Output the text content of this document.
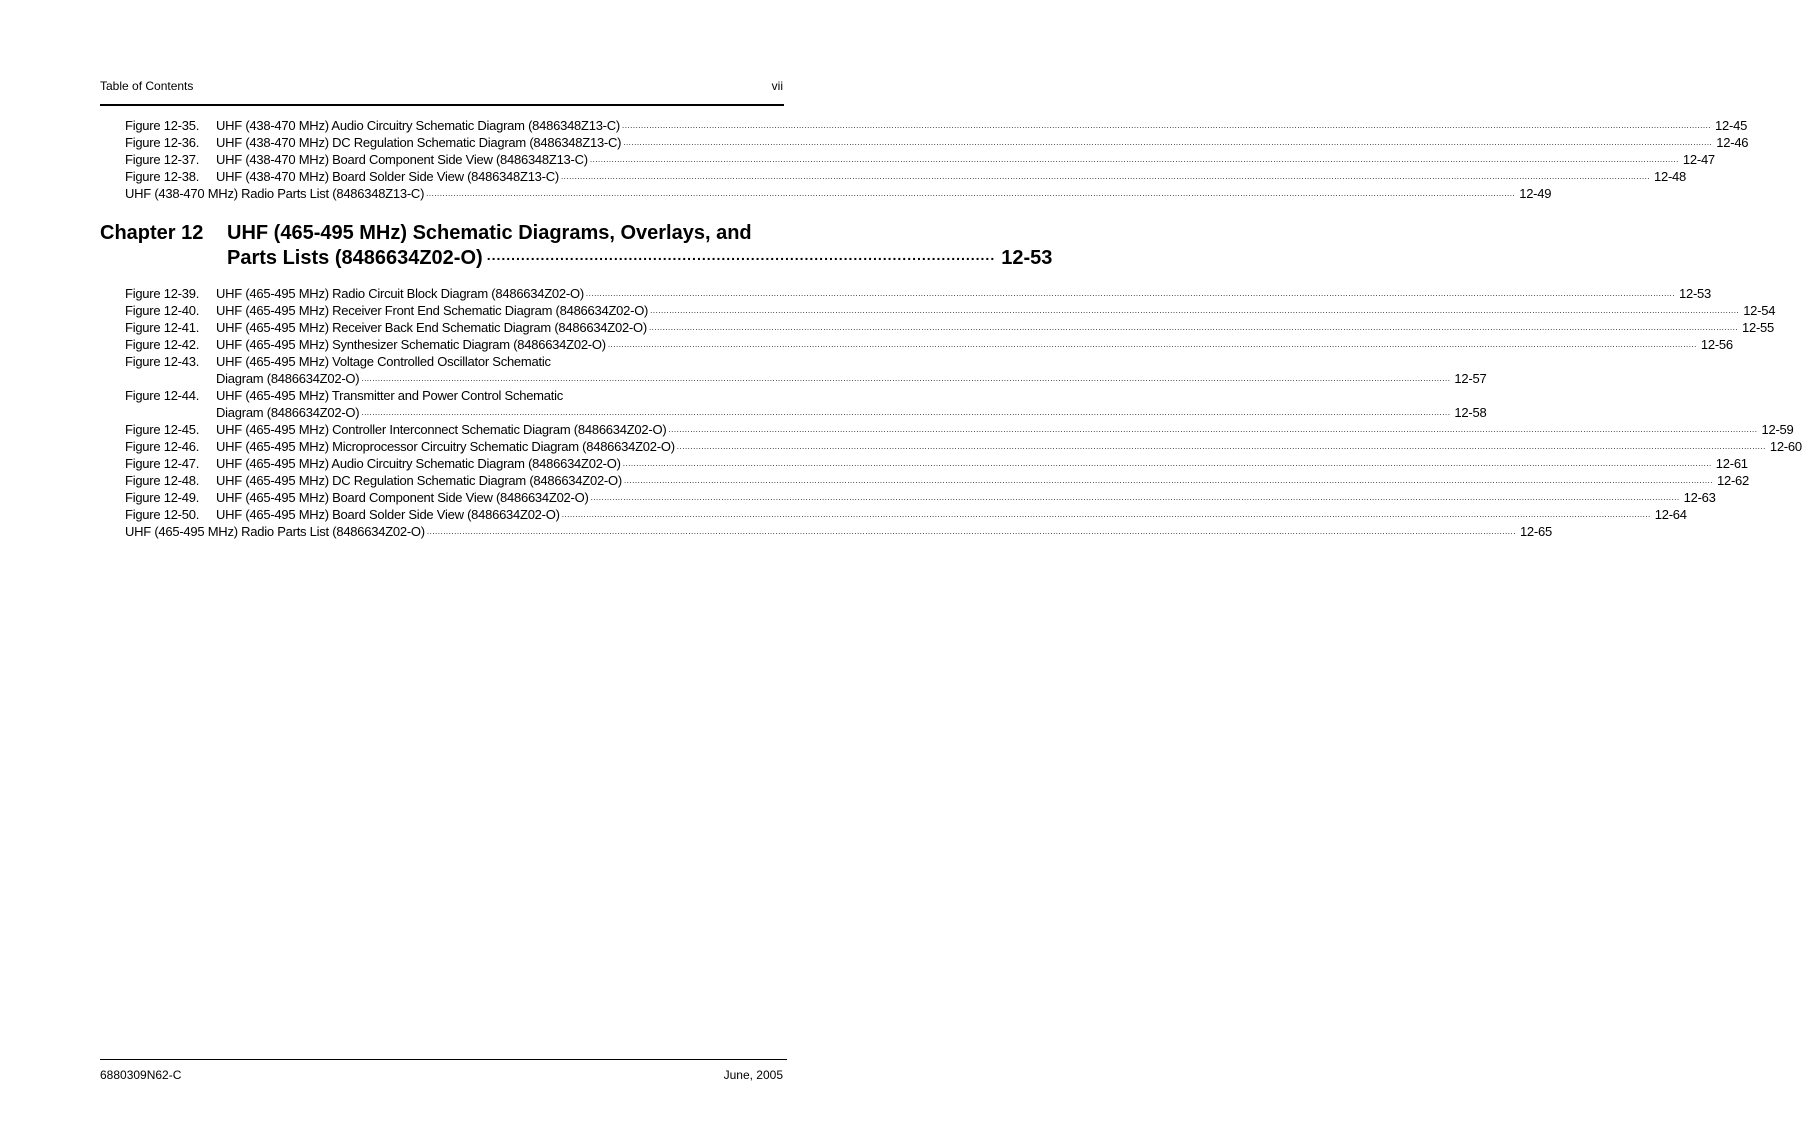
Table of Contents	vii
Figure 12-35. UHF (438-470 MHz) Audio Circuitry Schematic Diagram (8486348Z13-C) ................................................................................................................................................................................................................................................................................................................................................................................................................ 12-45
Figure 12-36. UHF (438-470 MHz) DC Regulation Schematic Diagram (8486348Z13-C) ................................................................................................................................................................................................................................................................................................................................................................................................................ 12-46
Figure 12-37. UHF (438-470 MHz) Board Component Side View (8486348Z13-C) ................................................................................................................................................................................................................................................................................................................................................................................................................ 12-47
Figure 12-38. UHF (438-470 MHz) Board Solder Side View (8486348Z13-C) ................................................................................................................................................................................................................................................................................................................................................................................................................ 12-48
UHF (438-470 MHz) Radio Parts List (8486348Z13-C) ................................................................................................................................................................................................................................................................................................................................................................................................................ 12-49
Chapter 12 UHF (465-495 MHz) Schematic Diagrams, Overlays, and
Parts Lists (8486634Z02-O) ........................................................................................................ 12-53
Figure 12-39. UHF (465-495 MHz) Radio Circuit Block Diagram (8486634Z02-O) ................................................................................................................................................................................................................................................................................................................................................................................................................ 12-53
Figure 12-40. UHF (465-495 MHz) Receiver Front End Schematic Diagram (8486634Z02-O) ................................................................................................................................................................................................................................................................................................................................................................................................................ 12-54
Figure 12-41. UHF (465-495 MHz) Receiver Back End Schematic Diagram (8486634Z02-O) ................................................................................................................................................................................................................................................................................................................................................................................................................ 12-55
Figure 12-42. UHF (465-495 MHz) Synthesizer Schematic Diagram (8486634Z02-O) ................................................................................................................................................................................................................................................................................................................................................................................................................ 12-56
Figure 12-43. UHF (465-495 MHz) Voltage Controlled Oscillator Schematic
Diagram (8486634Z02-O) ................................................................................................................................................................................................................................................................................................................................................................................................................ 12-57
Figure 12-44. UHF (465-495 MHz) Transmitter and Power Control Schematic
Diagram (8486634Z02-O) ................................................................................................................................................................................................................................................................................................................................................................................................................ 12-58
Figure 12-45. UHF (465-495 MHz) Controller Interconnect Schematic Diagram (8486634Z02-O) ................................................................................................................................................................................................................................................................................................................................................................................................................ 12-59
Figure 12-46. UHF (465-495 MHz) Microprocessor Circuitry Schematic Diagram (8486634Z02-O) ................................................................................................................................................................................................................................................................................................................................................................................................................ 12-60
Figure 12-47. UHF (465-495 MHz) Audio Circuitry Schematic Diagram (8486634Z02-O) ................................................................................................................................................................................................................................................................................................................................................................................................................ 12-61
Figure 12-48. UHF (465-495 MHz) DC Regulation Schematic Diagram (8486634Z02-O) ................................................................................................................................................................................................................................................................................................................................................................................................................ 12-62
Figure 12-49. UHF (465-495 MHz) Board Component Side View (8486634Z02-O) ................................................................................................................................................................................................................................................................................................................................................................................................................ 12-63
Figure 12-50. UHF (465-495 MHz) Board Solder Side View (8486634Z02-O) ................................................................................................................................................................................................................................................................................................................................................................................................................ 12-64
UHF (465-495 MHz) Radio Parts List (8486634Z02-O) ................................................................................................................................................................................................................................................................................................................................................................................................................ 12-65
6880309N62-C	June, 2005
